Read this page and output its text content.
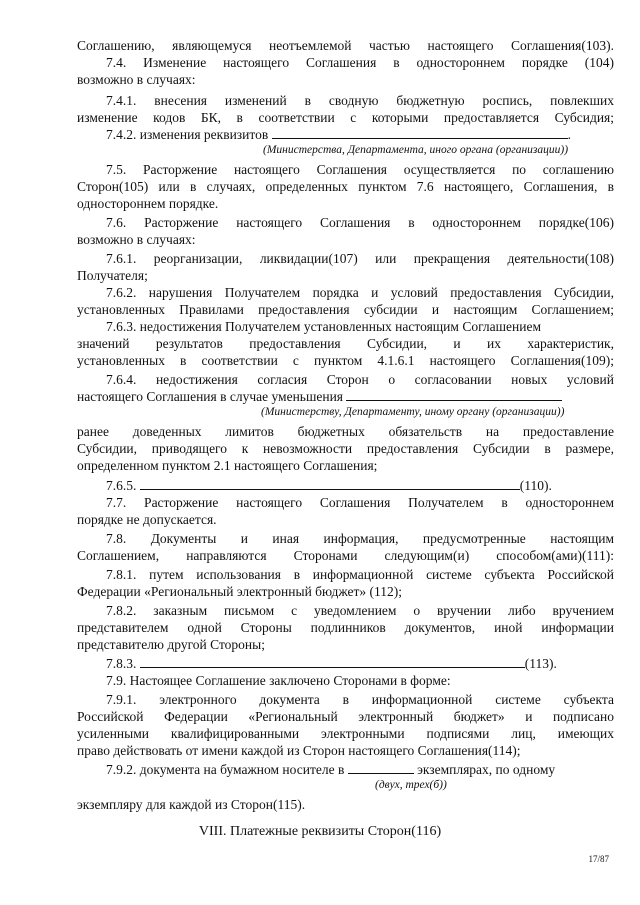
Соглашению, являющемуся неотъемлемой частью настоящего Соглашения(103).
7.4. Изменение настоящего Соглашения в одностороннем порядке (104)
возможно в случаях:
7.4.1. внесения изменений в сводную бюджетную роспись, повлекших
изменение кодов БК, в соответствии с которыми предоставляется Субсидия;
7.4.2. изменения реквизитов	.
(Министерства, Департамента, иного органа (организации))
7.5. Расторжение настоящего Соглашения осуществляется по соглашению
Сторон(105) или в случаях, определенных пунктом 7.6 настоящего, Соглашения, в
одностороннем порядке.
7.6. Расторжение настоящего Соглашения в одностороннем порядке(106)
возможно в случаях:
7.6.1. реорганизации, ликвидации(107) или прекращения деятельности(108)
Получателя;
7.6.2. нарушения Получателем порядка и условий предоставления Субсидии,
установленных Правилами предоставления субсидии и настоящим Соглашением;
7.6.3. недостижения Получателем установленных настоящим Соглашением
значений результатов предоставления Субсидии, и их характеристик,
установленных в соответствии с пунктом 4.1.6.1 настоящего Соглашения(109);
7.6.4. недостижения согласия Сторон о согласовании новых условий
настоящего Соглашения в случае уменьшения
(Министерству, Департаменту, иному органу (организации))
ранее доведенных лимитов бюджетных обязательств на предоставление
Субсидии, приводящего к невозможности предоставления Субсидии в размере,
определенном пунктом 2.1 настоящего Соглашения;
7.6.5.	(110).
7.7. Расторжение настоящего Соглашения Получателем в одностороннем
порядке не допускается.
7.8. Документы и иная информация, предусмотренные настоящим
Соглашением, направляются Сторонами следующим(и) способом(ами)(111):
7.8.1. путем использования в информационной системе субъекта Российской
Федерации «Региональный электронный бюджет» (112);
7.8.2. заказным письмом с уведомлением о вручении либо вручением
представителем одной Стороны подлинников документов, иной информации
представителю другой Стороны;
7.8.3.	(113).
7.9. Настоящее Соглашение заключено Сторонами в форме:
7.9.1. электронного документа в информационной системе субъекта
Российской Федерации «Региональный электронный бюджет» и подписано
усиленными квалифицированными электронными подписями лиц, имеющих
право действовать от имени каждой из Сторон настоящего Соглашения(114);
7.9.2. документа на бумажном носителе в	экземплярах, по одному
(двух, трех(б))
экземпляру для каждой из Сторон(115).
VIII. Платежные реквизиты Сторон(116)
17/87
